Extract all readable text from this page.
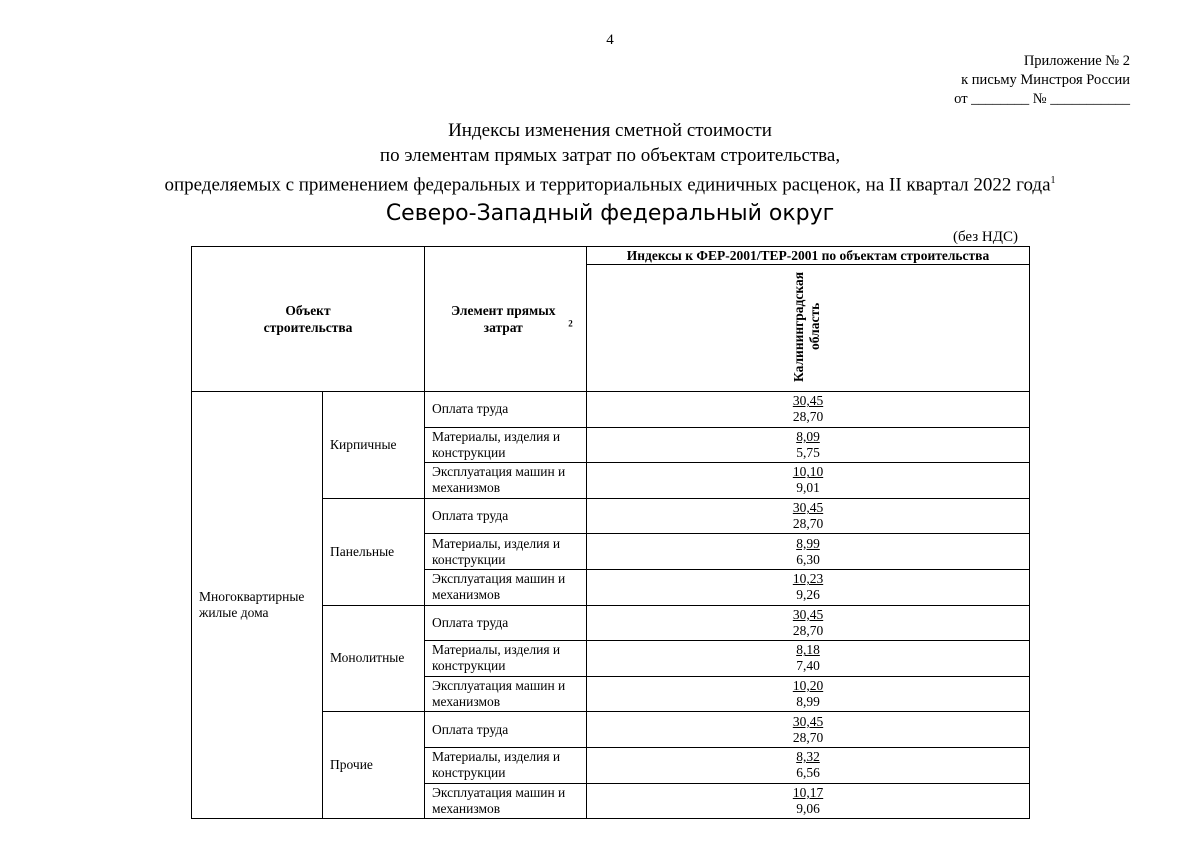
4
Приложение № 2
к письму Минстроя России
от ________ № ___________
Индексы изменения сметной стоимости
по элементам прямых затрат по объектам строительства,
определяемых с применением федеральных и территориальных единичных расценок, на II квартал 2022 года$^1$
Северо-Западный федеральный округ
(без НДС)
Объект строительства		Элемент прямых затрат $^2$	Индексы к ФЕР-2001/ТЕР-2001 по объектам строительства
			Калининградская область
Многоквартирные жилые дома	Кирпичные	Оплата труда	30,45
28,70

		Материалы, изделия и конструкции	8,09
5,75

		Эксплуатация машин и механизмов	10,10
9,01

	Панельные	Оплата труда	30,45
28,70

		Материалы, изделия и конструкции	8,99
6,30

		Эксплуатация машин и механизмов	10,23
9,26

	Монолитные	Оплата труда	30,45
28,70

		Материалы, изделия и конструкции	8,18
7,40

		Эксплуатация машин и механизмов	10,20
8,99

	Прочие	Оплата труда	30,45
28,70

		Материалы, изделия и конструкции	8,32
6,56

		Эксплуатация машин и механизмов	10,17
9,06
